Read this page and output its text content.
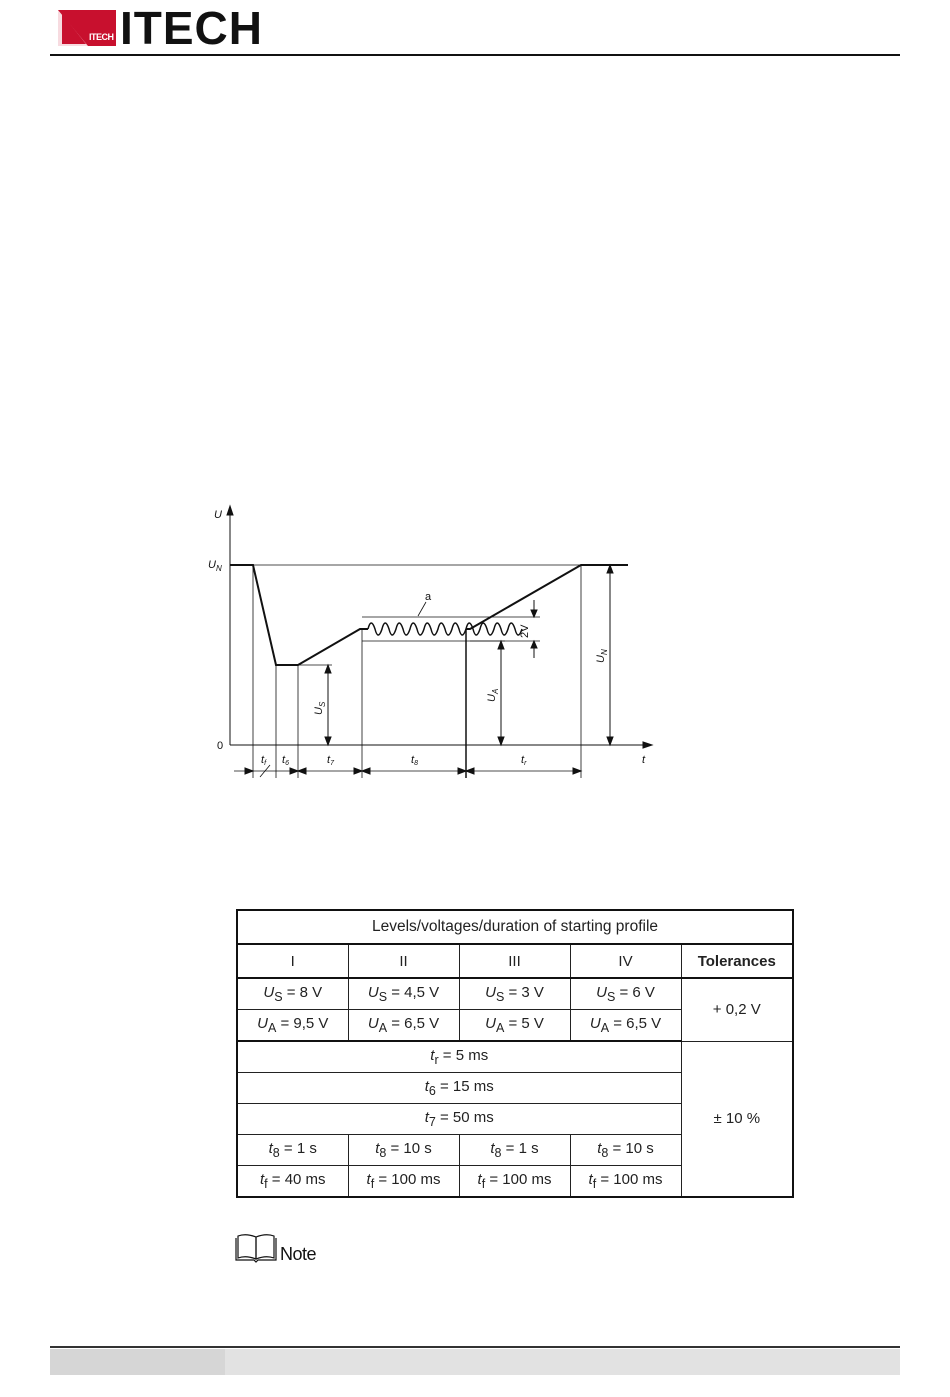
ITECH ITECH
U
$U_N$
0
t
a
2V
$U_S$
$U_A$
$U_N$
tf t6	t7	t8	tr
Levels/voltages/duration of starting profile				
I	II	III	IV	Tolerances
$U_S = 8$ V	$U_S = 4,5$ V	$U_S = 3$ V	$U_S = 6$ V	+ 0,2 V
$U_A = 9,5$ V	$U_A = 6,5$ V	$U_A = 5$ V	$U_A = 6,5$ V	
$t_r = 5$ ms				± 10 %
$t_6 = 15$ ms				
$t_7 = 50$ ms				
$t_8 = 1$ s	$t_8 = 10$ s	$t_8 = 1$ s	$t_8 = 10$ s	
$t_f = 40$ ms	$t_f = 100$ ms	$t_f = 100$ ms	$t_f = 100$ ms	
Note
